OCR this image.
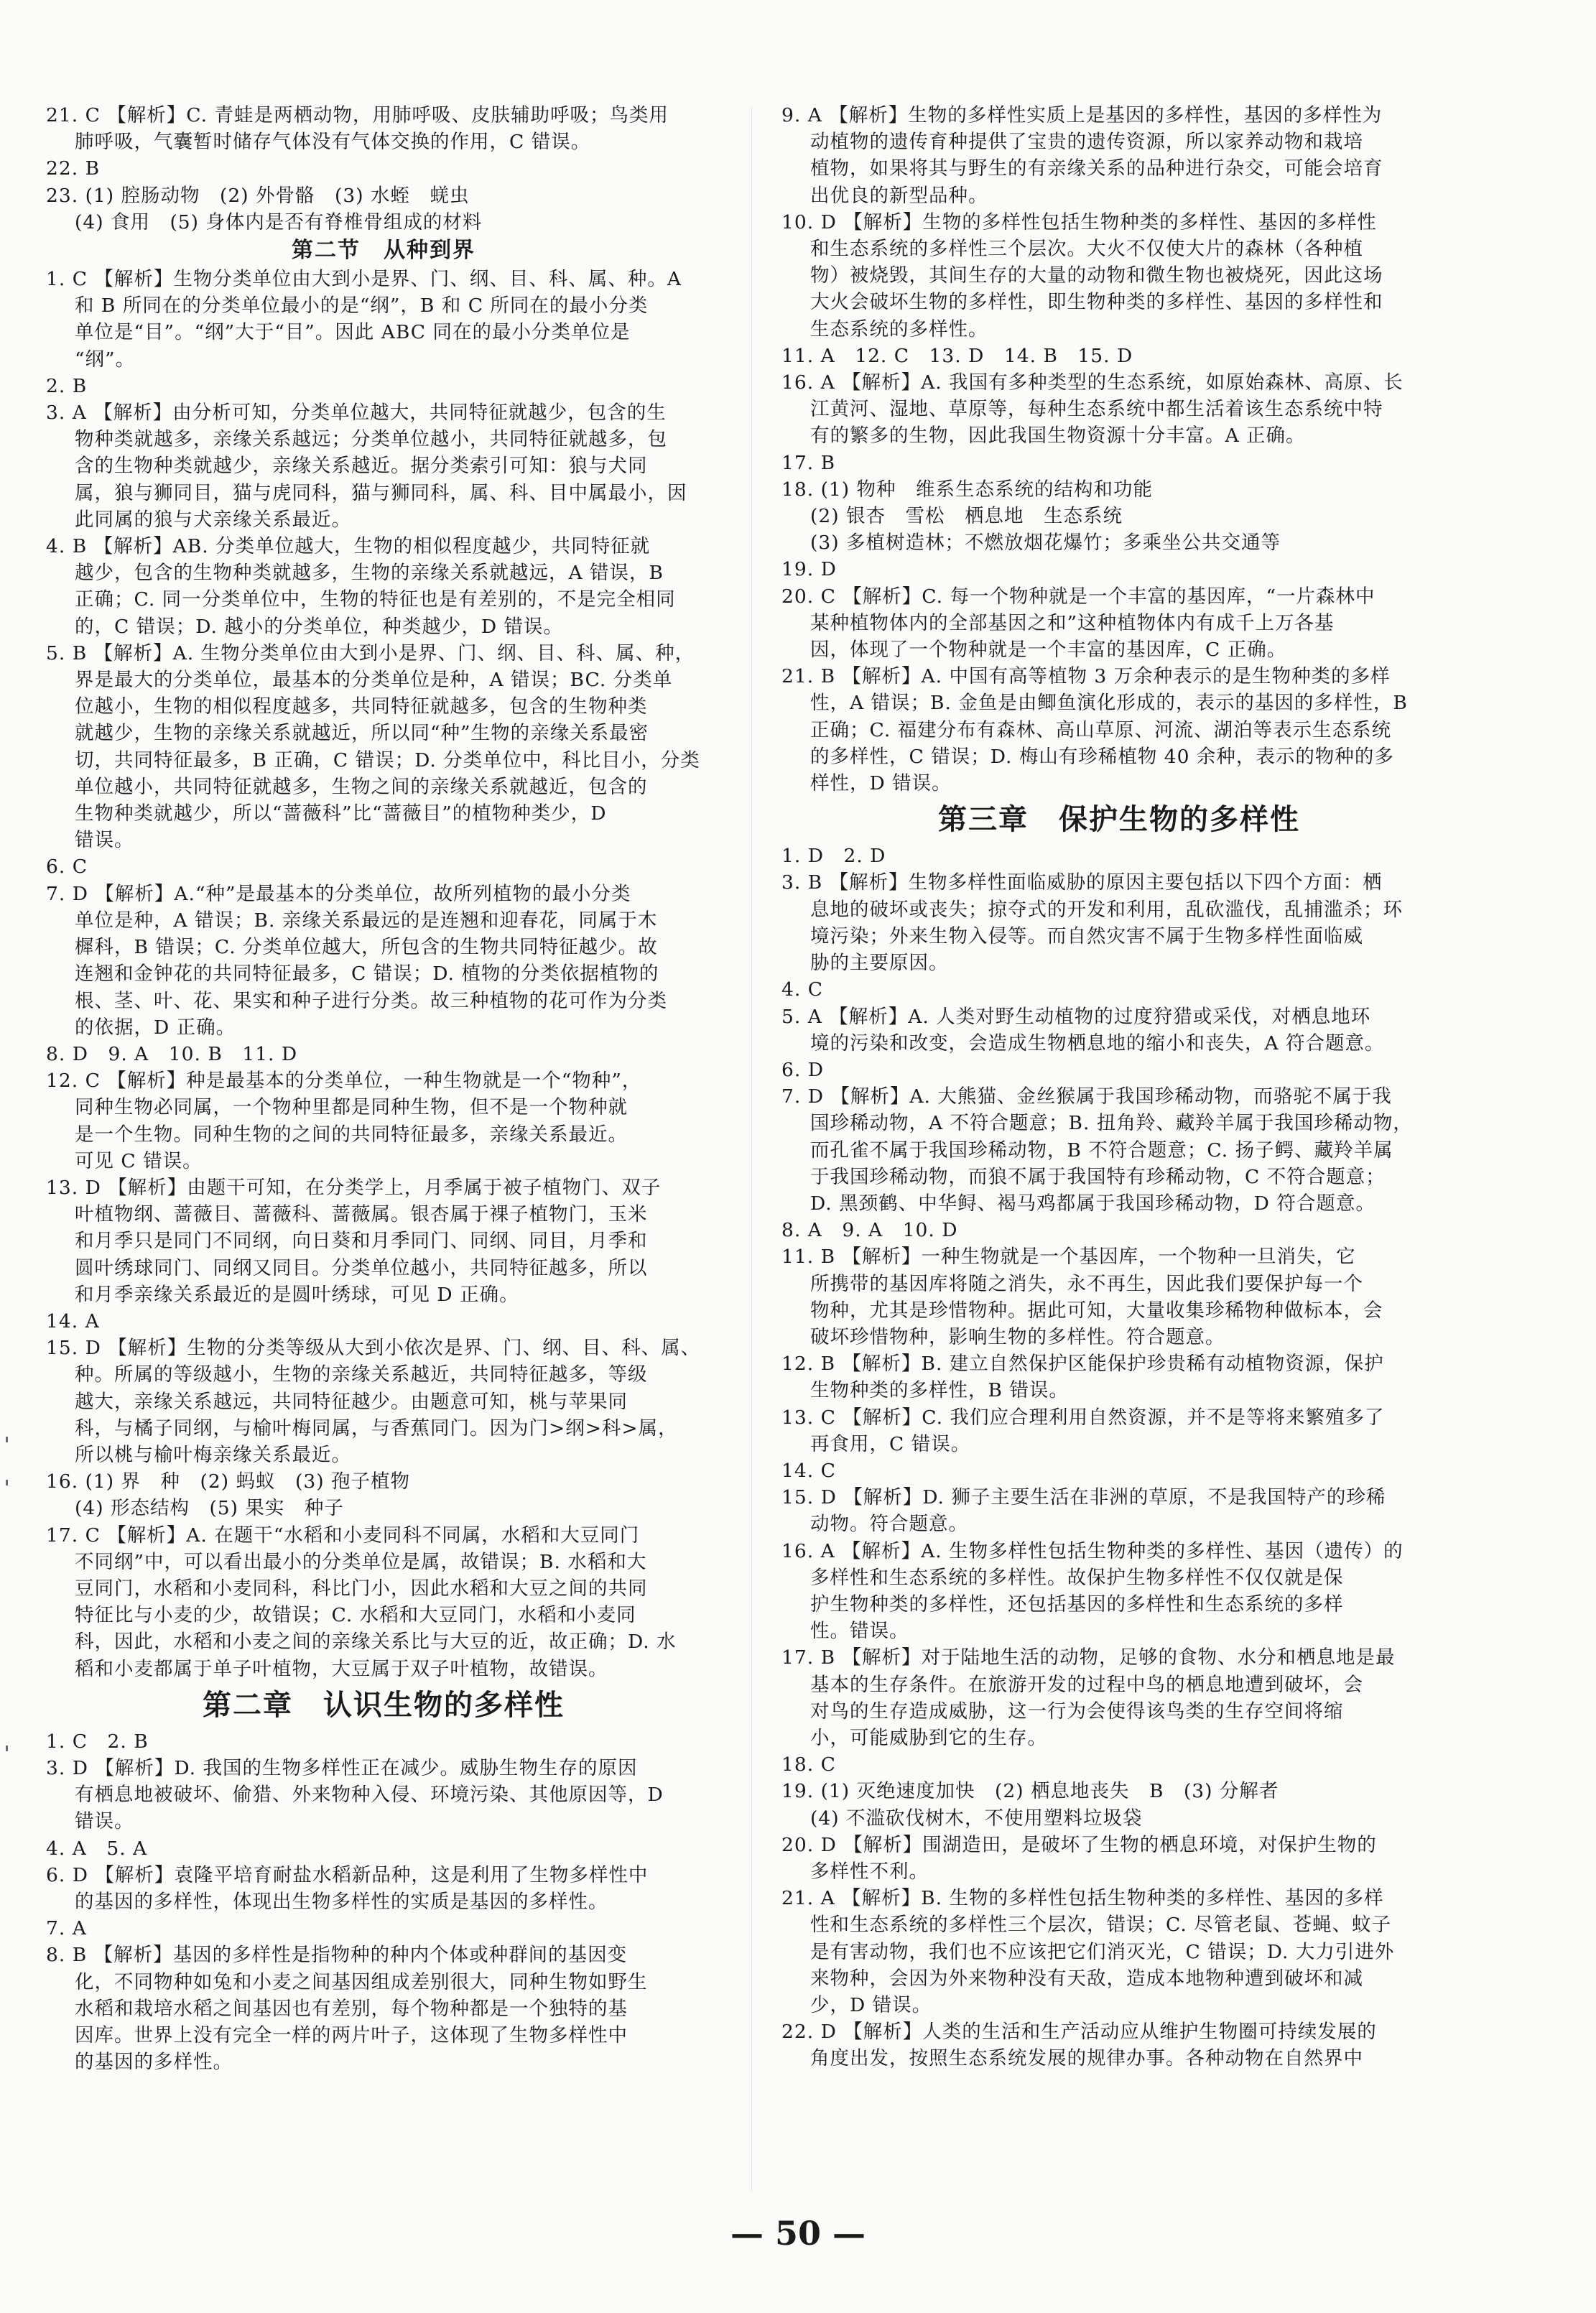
21. C 【解析】C. 青蛙是两栖动物，用肺呼吸、皮肤辅助呼吸；鸟类用
肺呼吸，气囊暂时储存气体没有气体交换的作用，C 错误。
22. B
23. (1) 腔肠动物　(2) 外骨骼　(3) 水蛭　蜣虫
(4) 食用　(5) 身体内是否有脊椎骨组成的材料
第二节　从种到界
1. C 【解析】生物分类单位由大到小是界、门、纲、目、科、属、种。A
和 B 所同在的分类单位最小的是“纲”，B 和 C 所同在的最小分类
单位是“目”。“纲”大于“目”。因此 ABC 同在的最小分类单位是
“纲”。
2. B
3. A 【解析】由分析可知，分类单位越大，共同特征就越少，包含的生
物种类就越多，亲缘关系越远；分类单位越小，共同特征就越多，包
含的生物种类就越少，亲缘关系越近。据分类索引可知：狼与犬同
属，狼与狮同目，猫与虎同科，猫与狮同科，属、科、目中属最小，因
此同属的狼与犬亲缘关系最近。
4. B 【解析】AB. 分类单位越大，生物的相似程度越少，共同特征就
越少，包含的生物种类就越多，生物的亲缘关系就越远，A 错误，B
正确；C. 同一分类单位中，生物的特征也是有差别的，不是完全相同
的，C 错误；D. 越小的分类单位，种类越少，D 错误。
5. B 【解析】A. 生物分类单位由大到小是界、门、纲、目、科、属、种，
界是最大的分类单位，最基本的分类单位是种，A 错误；BC. 分类单
位越小，生物的相似程度越多，共同特征就越多，包含的生物种类
就越少，生物的亲缘关系就越近，所以同“种”生物的亲缘关系最密
切，共同特征最多，B 正确，C 错误；D. 分类单位中，科比目小，分类
单位越小，共同特征就越多，生物之间的亲缘关系就越近，包含的
生物种类就越少，所以“蔷薇科”比“蔷薇目”的植物种类少，D
错误。
6. C
7. D 【解析】A.“种”是最基本的分类单位，故所列植物的最小分类
单位是种，A 错误；B. 亲缘关系最远的是连翘和迎春花，同属于木
樨科，B 错误；C. 分类单位越大，所包含的生物共同特征越少。故
连翘和金钟花的共同特征最多，C 错误；D. 植物的分类依据植物的
根、茎、叶、花、果实和种子进行分类。故三种植物的花可作为分类
的依据，D 正确。
8. D　9. A　10. B　11. D
12. C 【解析】种是最基本的分类单位，一种生物就是一个“物种”，
同种生物必同属，一个物种里都是同种生物，但不是一个物种就
是一个生物。同种生物的之间的共同特征最多，亲缘关系最近。
可见 C 错误。
13. D 【解析】由题干可知，在分类学上，月季属于被子植物门、双子
叶植物纲、蔷薇目、蔷薇科、蔷薇属。银杏属于裸子植物门，玉米
和月季只是同门不同纲，向日葵和月季同门、同纲、同目，月季和
圆叶绣球同门、同纲又同目。分类单位越小，共同特征越多，所以
和月季亲缘关系最近的是圆叶绣球，可见 D 正确。
14. A
15. D 【解析】生物的分类等级从大到小依次是界、门、纲、目、科、属、
种。所属的等级越小，生物的亲缘关系越近，共同特征越多，等级
越大，亲缘关系越远，共同特征越少。由题意可知，桃与苹果同
科，与橘子同纲，与榆叶梅同属，与香蕉同门。因为门>纲>科>属，
所以桃与榆叶梅亲缘关系最近。
16. (1) 界　种　(2) 蚂蚁　(3) 孢子植物
(4) 形态结构　(5) 果实　种子
17. C 【解析】A. 在题干“水稻和小麦同科不同属，水稻和大豆同门
不同纲”中，可以看出最小的分类单位是属，故错误；B. 水稻和大
豆同门，水稻和小麦同科，科比门小，因此水稻和大豆之间的共同
特征比与小麦的少，故错误；C. 水稻和大豆同门，水稻和小麦同
科，因此，水稻和小麦之间的亲缘关系比与大豆的近，故正确；D. 水
稻和小麦都属于单子叶植物，大豆属于双子叶植物，故错误。
第二章　认识生物的多样性
1. C　2. B
3. D 【解析】D. 我国的生物多样性正在减少。威胁生物生存的原因
有栖息地被破坏、偷猎、外来物种入侵、环境污染、其他原因等，D
错误。
4. A　5. A
6. D 【解析】袁隆平培育耐盐水稻新品种，这是利用了生物多样性中
的基因的多样性，体现出生物多样性的实质是基因的多样性。
7. A
8. B 【解析】基因的多样性是指物种的种内个体或种群间的基因变
化，不同物种如兔和小麦之间基因组成差别很大，同种生物如野生
水稻和栽培水稻之间基因也有差别，每个物种都是一个独特的基
因库。世界上没有完全一样的两片叶子，这体现了生物多样性中
的基因的多样性。
9. A 【解析】生物的多样性实质上是基因的多样性，基因的多样性为
动植物的遗传育种提供了宝贵的遗传资源，所以家养动物和栽培
植物，如果将其与野生的有亲缘关系的品种进行杂交，可能会培育
出优良的新型品种。
10. D 【解析】生物的多样性包括生物种类的多样性、基因的多样性
和生态系统的多样性三个层次。大火不仅使大片的森林（各种植
物）被烧毁，其间生存的大量的动物和微生物也被烧死，因此这场
大火会破坏生物的多样性，即生物种类的多样性、基因的多样性和
生态系统的多样性。
11. A　12. C　13. D　14. B　15. D
16. A 【解析】A. 我国有多种类型的生态系统，如原始森林、高原、长
江黄河、湿地、草原等，每种生态系统中都生活着该生态系统中特
有的繁多的生物，因此我国生物资源十分丰富。A 正确。
17. B
18. (1) 物种　维系生态系统的结构和功能
(2) 银杏　雪松　栖息地　生态系统
(3) 多植树造林；不燃放烟花爆竹；多乘坐公共交通等
19. D
20. C 【解析】C. 每一个物种就是一个丰富的基因库，“一片森林中
某种植物体内的全部基因之和”这种植物体内有成千上万各基
因，体现了一个物种就是一个丰富的基因库，C 正确。
21. B 【解析】A. 中国有高等植物 3 万余种表示的是生物种类的多样
性，A 错误；B. 金鱼是由鲫鱼演化形成的，表示的基因的多样性，B
正确；C. 福建分布有森林、高山草原、河流、湖泊等表示生态系统
的多样性，C 错误；D. 梅山有珍稀植物 40 余种，表示的物种的多
样性，D 错误。
第三章　保护生物的多样性
1. D　2. D
3. B 【解析】生物多样性面临威胁的原因主要包括以下四个方面：栖
息地的破坏或丧失；掠夺式的开发和利用，乱砍滥伐，乱捕滥杀；环
境污染；外来生物入侵等。而自然灾害不属于生物多样性面临威
胁的主要原因。
4. C
5. A 【解析】A. 人类对野生动植物的过度狩猎或采伐，对栖息地环
境的污染和改变，会造成生物栖息地的缩小和丧失，A 符合题意。
6. D
7. D 【解析】A. 大熊猫、金丝猴属于我国珍稀动物，而骆驼不属于我
国珍稀动物，A 不符合题意；B. 扭角羚、藏羚羊属于我国珍稀动物，
而孔雀不属于我国珍稀动物，B 不符合题意；C. 扬子鳄、藏羚羊属
于我国珍稀动物，而狼不属于我国特有珍稀动物，C 不符合题意；
D. 黑颈鹤、中华鲟、褐马鸡都属于我国珍稀动物，D 符合题意。
8. A　9. A　10. D
11. B 【解析】一种生物就是一个基因库，一个物种一旦消失，它
所携带的基因库将随之消失，永不再生，因此我们要保护每一个
物种，尤其是珍惜物种。据此可知，大量收集珍稀物种做标本，会
破坏珍惜物种，影响生物的多样性。符合题意。
12. B 【解析】B. 建立自然保护区能保护珍贵稀有动植物资源，保护
生物种类的多样性，B 错误。
13. C 【解析】C. 我们应合理利用自然资源，并不是等将来繁殖多了
再食用，C 错误。
14. C
15. D 【解析】D. 狮子主要生活在非洲的草原，不是我国特产的珍稀
动物。符合题意。
16. A 【解析】A. 生物多样性包括生物种类的多样性、基因（遗传）的
多样性和生态系统的多样性。故保护生物多样性不仅仅就是保
护生物种类的多样性，还包括基因的多样性和生态系统的多样
性。错误。
17. B 【解析】对于陆地生活的动物，足够的食物、水分和栖息地是最
基本的生存条件。在旅游开发的过程中鸟的栖息地遭到破坏，会
对鸟的生存造成威胁，这一行为会使得该鸟类的生存空间将缩
小，可能威胁到它的生存。
18. C
19. (1) 灭绝速度加快　(2) 栖息地丧失　B　(3) 分解者
(4) 不滥砍伐树木，不使用塑料垃圾袋
20. D 【解析】围湖造田，是破坏了生物的栖息环境，对保护生物的
多样性不利。
21. A 【解析】B. 生物的多样性包括生物种类的多样性、基因的多样
性和生态系统的多样性三个层次，错误；C. 尽管老鼠、苍蝇、蚊子
是有害动物，我们也不应该把它们消灭光，C 错误；D. 大力引进外
来物种，会因为外来物种没有天敌，造成本地物种遭到破坏和减
少，D 错误。
22. D 【解析】人类的生活和生产活动应从维护生物圈可持续发展的
角度出发，按照生态系统发展的规律办事。各种动物在自然界中
— 50 —
